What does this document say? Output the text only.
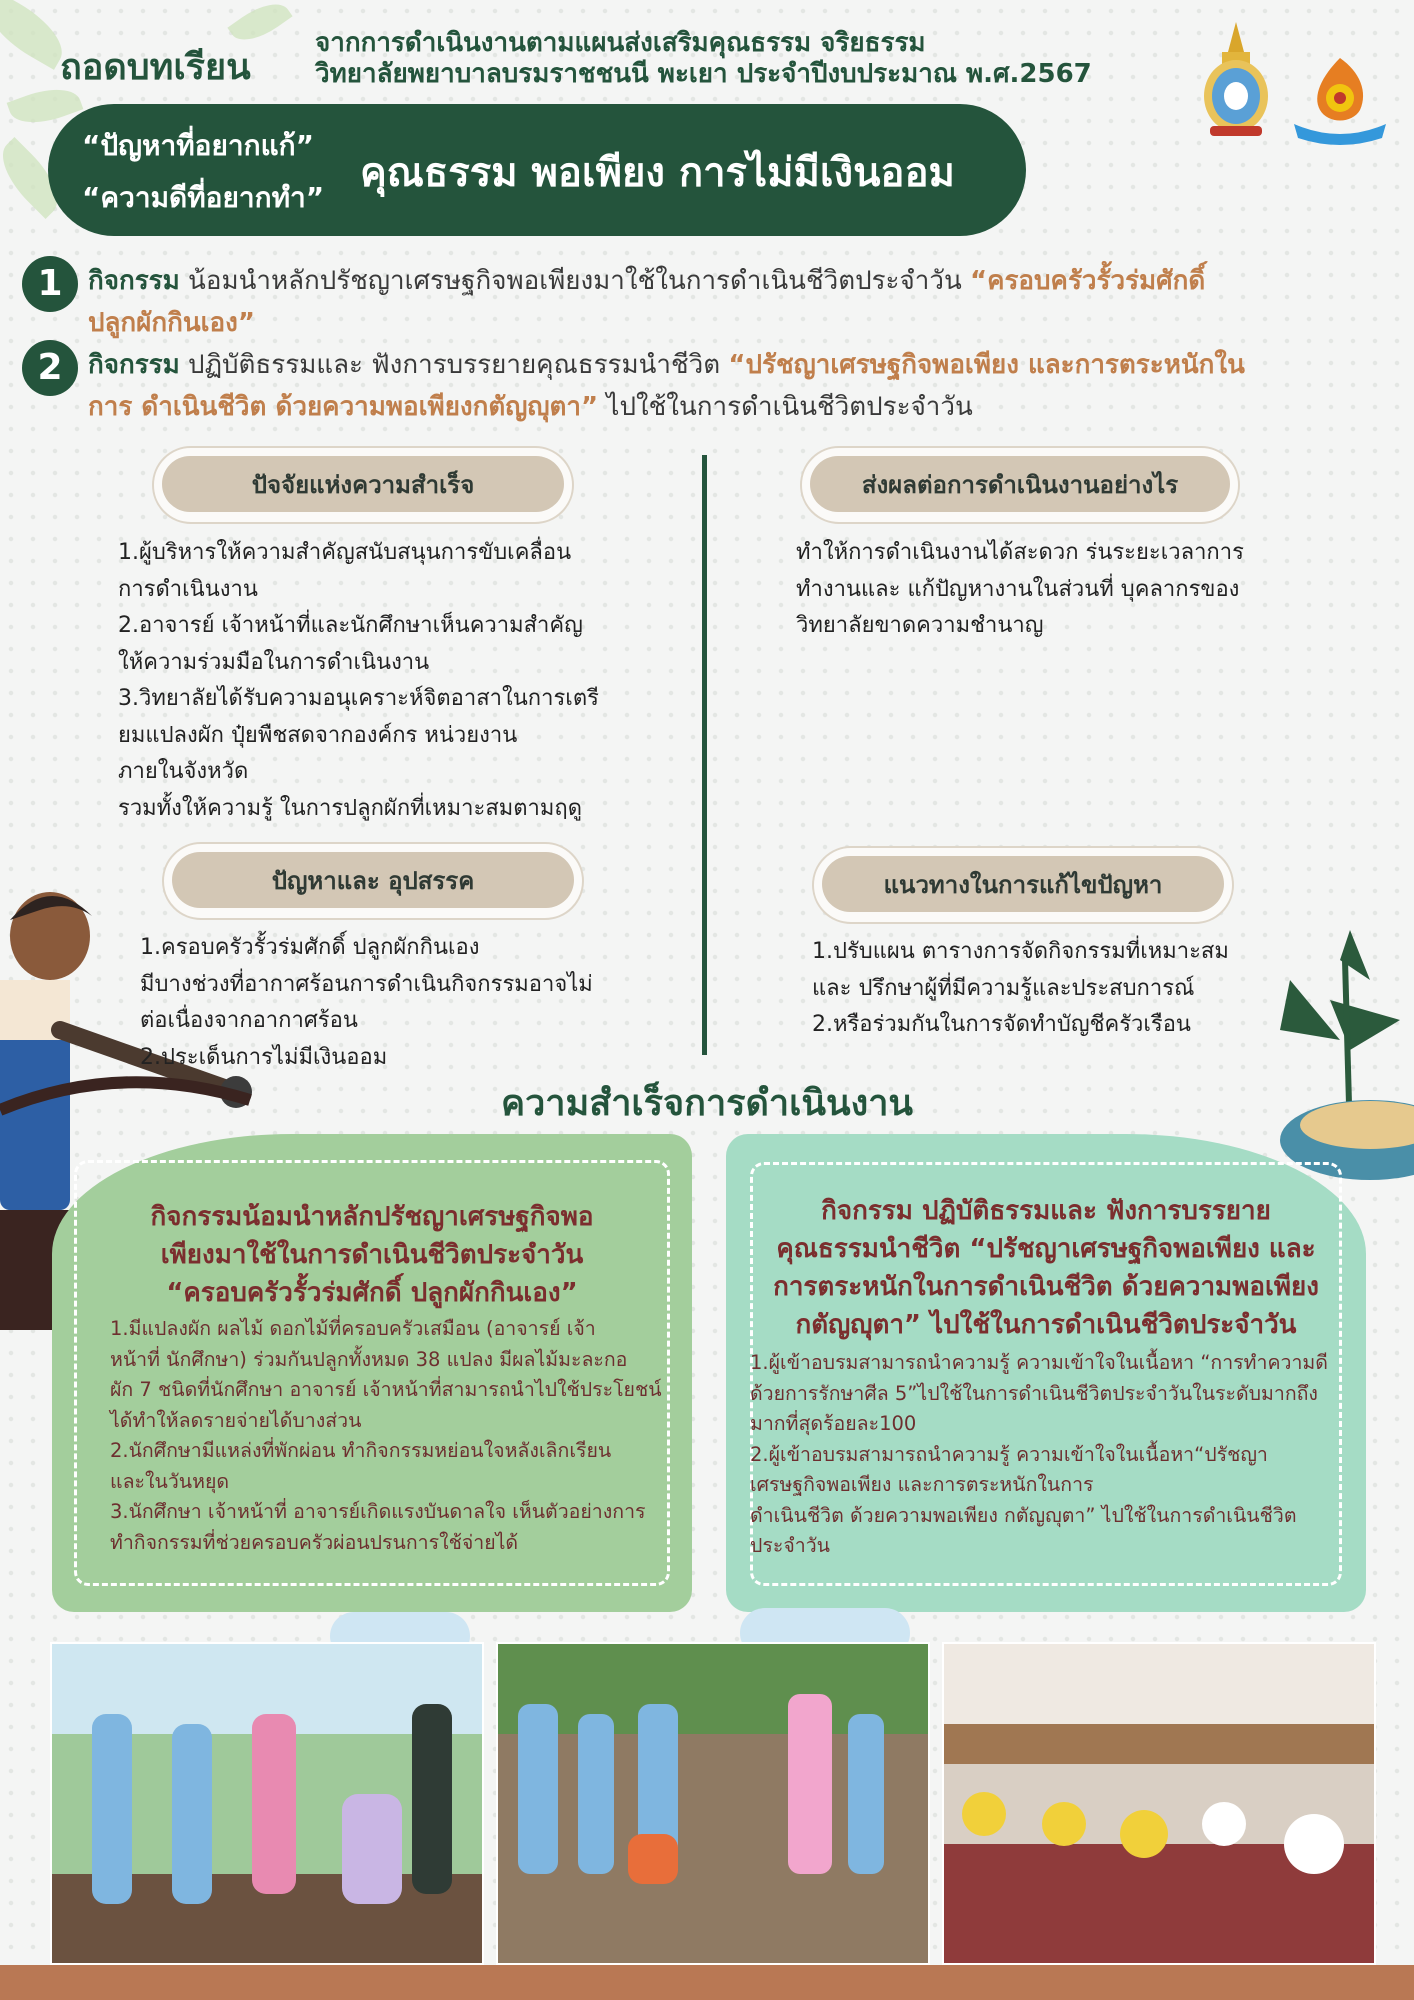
ถอดบทเรียน
จากการดำเนินงานตามแผนส่งเสริมคุณธรรม จริยธรรม
วิทยาลัยพยาบาลบรมราชชนนี พะเยา ประจำปีงบประมาณ พ.ศ.2567
“ปัญหาที่อยากแก้”
“ความดีที่อยากทำ”
คุณธรรม พอเพียง การไม่มีเงินออม
1 กิจกรรม น้อมนำหลักปรัชญาเศรษฐกิจพอเพียงมาใช้ในการดำเนินชีวิตประจำวัน “ครอบครัวรั้วร่มศักดิ์ ปลูกผักกินเอง”
2 กิจกรรม ปฏิบัติธรรมและ ฟังการบรรยายคุณธรรมนำชีวิต “ปรัชญาเศรษฐกิจพอเพียง และการตระหนักในการ ดำเนินชีวิต ด้วยความพอเพียงกตัญญุตา” ไปใช้ในการดำเนินชีวิตประจำวัน
ปัจจัยแห่งความสำเร็จ
1.ผู้บริหารให้ความสำคัญสนับสนุนการขับเคลื่อน
การดำเนินงาน
2.อาจารย์ เจ้าหน้าที่และนักศึกษาเห็นความสำคัญ
ให้ความร่วมมือในการดำเนินงาน
3.วิทยาลัยได้รับความอนุเคราะห์จิตอาสาในการเตรี
ยมแปลงผัก ปุ๋ยพืชสดจากองค์กร หน่วยงาน
ภายในจังหวัด
รวมทั้งให้ความรู้ ในการปลูกผักที่เหมาะสมตามฤดู
ส่งผลต่อการดำเนินงานอย่างไร
ทำให้การดำเนินงานได้สะดวก ร่นระยะเวลาการ
ทำงานและ แก้ปัญหางานในส่วนที่ บุคลากรของ
วิทยาลัยขาดความชำนาญ
ปัญหาและ อุปสรรค
1.ครอบครัวรั้วร่มศักดิ์ ปลูกผักกินเอง
มีบางช่วงที่อากาศร้อนการดำเนินกิจกรรมอาจไม่
ต่อเนื่องจากอากาศร้อน
2.ประเด็นการไม่มีเงินออม
แนวทางในการแก้ไขปัญหา
1.ปรับแผน ตารางการจัดกิจกรรมที่เหมาะสม
และ ปรึกษาผู้ที่มีความรู้และประสบการณ์
2.หรือร่วมกันในการจัดทำบัญชีครัวเรือน
ความสำเร็จการดำเนินงาน
กิจกรรมน้อมนำหลักปรัชญาเศรษฐกิจพอ
เพียงมาใช้ในการดำเนินชีวิตประจำวัน
“ครอบครัวรั้วร่มศักดิ์ ปลูกผักกินเอง”
1.มีแปลงผัก ผลไม้ ดอกไม้ที่ครอบครัวเสมือน (อาจารย์ เจ้า
หน้าที่ นักศึกษา) ร่วมกันปลูกทั้งหมด 38 แปลง มีผลไม้มะละกอ
ผัก 7 ชนิดที่นักศึกษา อาจารย์ เจ้าหน้าที่สามารถนำไปใช้ประโยชน์
ได้ทำให้ลดรายจ่ายได้บางส่วน
2.นักศึกษามีแหล่งที่พักผ่อน ทำกิจกรรมหย่อนใจหลังเลิกเรียน
และในวันหยุด
3.นักศึกษา เจ้าหน้าที่ อาจารย์เกิดแรงบันดาลใจ เห็นตัวอย่างการ
ทำกิจกรรมที่ช่วยครอบครัวผ่อนปรนการใช้จ่ายได้
กิจกรรม ปฏิบัติธรรมและ ฟังการบรรยาย
คุณธรรมนำชีวิต “ปรัชญาเศรษฐกิจพอเพียง และ
การตระหนักในการดำเนินชีวิต ด้วยความพอเพียง
กตัญญุตา” ไปใช้ในการดำเนินชีวิตประจำวัน
1.ผู้เข้าอบรมสามารถนำความรู้ ความเข้าใจในเนื้อหา “การทำความดี
ด้วยการรักษาศีล 5”ไปใช้ในการดำเนินชีวิตประจำวันในระดับมากถึง
มากที่สุดร้อยละ100
2.ผู้เข้าอบรมสามารถนำความรู้ ความเข้าใจในเนื้อหา“ปรัชญา
เศรษฐกิจพอเพียง และการตระหนักในการ
ดำเนินชีวิต ด้วยความพอเพียง กตัญญุตา” ไปใช้ในการดำเนินชีวิต
ประจำวัน
